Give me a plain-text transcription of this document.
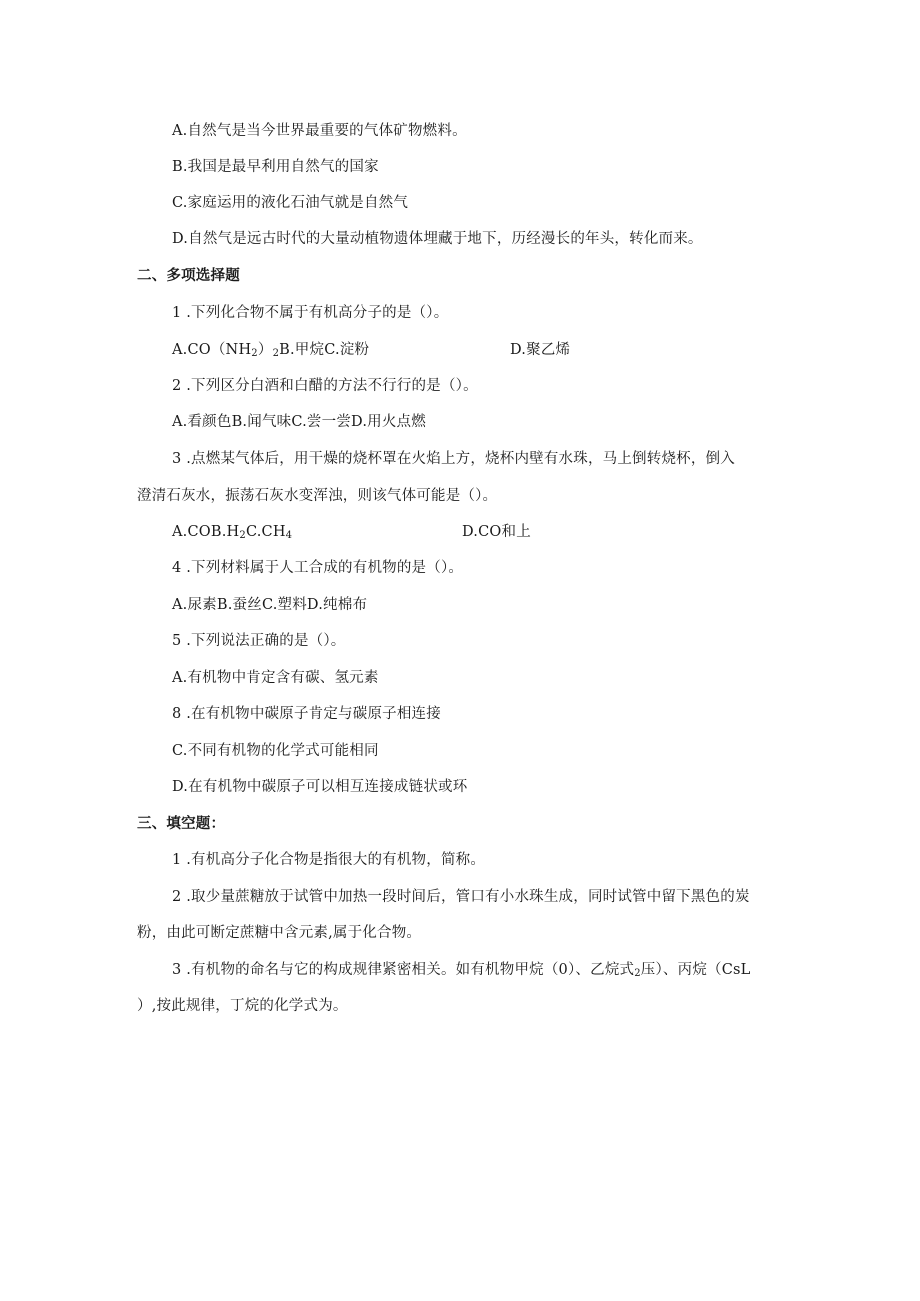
A.自然气是当今世界最重要的气体矿物燃料。
B.我国是最早利用自然气的国家
C.家庭运用的液化石油气就是自然气
D.自然气是远古时代的大量动植物遗体埋藏于地下，历经漫长的年头，转化而来。
二、多项选择题
1 .下列化合物不属于有机高分子的是（）。
$A.CO(NH_2)_2B$.甲烷C.淀粉	D.聚乙烯
2 .下列区分白酒和白醋的方法不行行的是（）。
A.看颜色B.闻气味C.尝一尝D.用火点燃
3 .点燃某气体后，用干燥的烧杯罩在火焰上方，烧杯内壁有水珠，马上倒转烧杯，倒入
澄清石灰水，振荡石灰水变浑浊，则该气体可能是（）。
$A.COB.H_2C.CH_4$	D.CO和上
4 .下列材料属于人工合成的有机物的是（）。
A.尿素B.蚕丝C.塑料D.纯棉布
5 .下列说法正确的是（）。
A.有机物中肯定含有碳、氢元素
8 .在有机物中碳原子肯定与碳原子相连接
C.不同有机物的化学式可能相同
D.在有机物中碳原子可以相互连接成链状或环
三、填空题：
1 .有机高分子化合物是指很大的有机物，简称。
2 .取少量蔗糖放于试管中加热一段时间后，管口有小水珠生成，同时试管中留下黑色的炭
粉，由此可断定蔗糖中含元素,属于化合物。
3 .有机物的命名与它的构成规律紧密相关。如有机物甲烷（0）、乙烷式$_2$压）、丙烷（CsL
）,按此规律，丁烷的化学式为。
